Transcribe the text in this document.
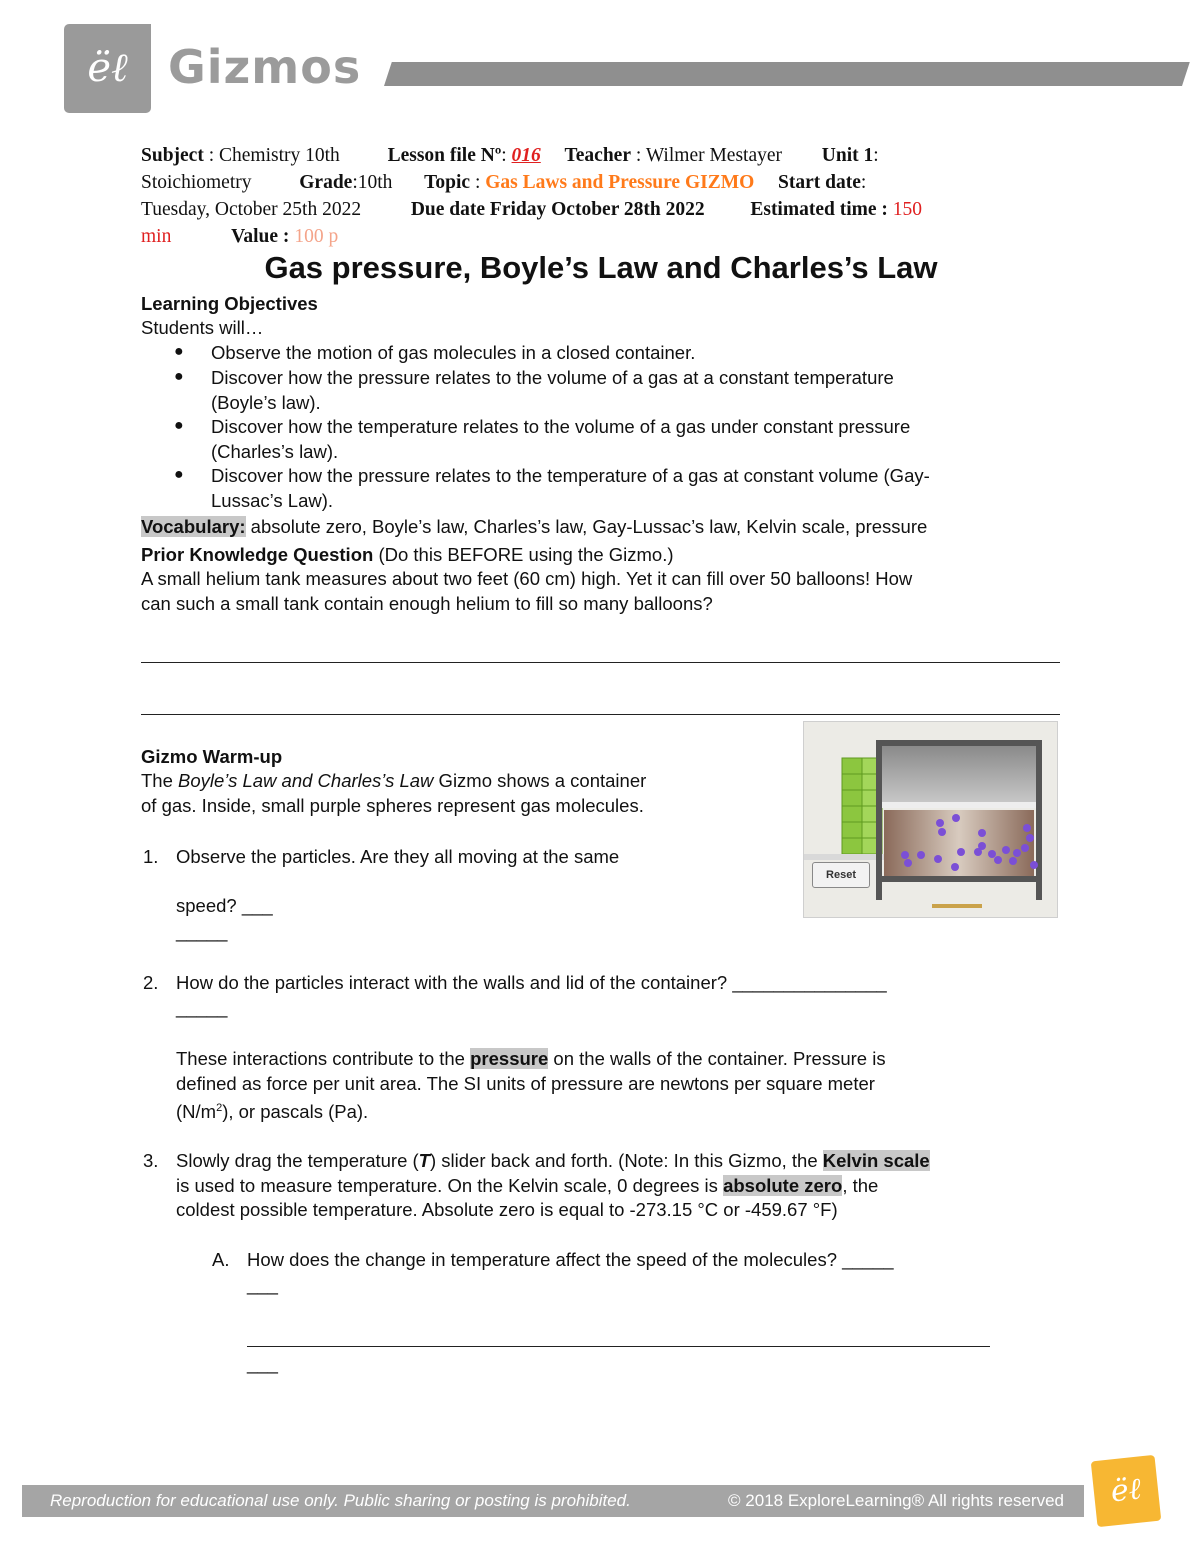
ëℓ Gizmos
Subject : Chemistry 10th Lesson file Nº: 016 Teacher : Wilmer Mestayer Unit 1:
Stoichiometry Grade:10th Topic : Gas Laws and Pressure GIZMO Start date:
Tuesday, October 25th 2022	Due date Friday October 28th 2022 Estimated time : 150
min	Value : 100 p
Gas pressure, Boyle’s Law and Charles’s Law
Learning Objectives
Students will…
● Observe the motion of gas molecules in a closed container.
● Discover how the pressure relates to the volume of a gas at a constant temperature
(Boyle’s law).
● Discover how the temperature relates to the volume of a gas under constant pressure
(Charles’s law).
● Discover how the pressure relates to the temperature of a gas at constant volume (Gay-
Lussac’s Law).
Vocabulary: absolute zero, Boyle’s law, Charles’s law, Gay-Lussac’s law, Kelvin scale, pressure
Prior Knowledge Question (Do this BEFORE using the Gizmo.)
A small helium tank measures about two feet (60 cm) high. Yet it can fill over 50 balloons! How
can such a small tank contain enough helium to fill so many balloons?
Gizmo Warm-up
The Boyle’s Law and Charles’s Law Gizmo shows a container
of gas. Inside, small purple spheres represent gas molecules.
Reset
1. Observe the particles. Are they all moving at the same
speed? ___
_____
2. How do the particles interact with the walls and lid of the container? _______________
_____
These interactions contribute to the pressure on the walls of the container. Pressure is
defined as force per unit area. The SI units of pressure are newtons per square meter
$(N/m^2)$, or pascals (Pa).
3. Slowly drag the temperature (T) slider back and forth. (Note: In this Gizmo, the Kelvin scale
is used to measure temperature. On the Kelvin scale, 0 degrees is absolute zero, the
coldest possible temperature. Absolute zero is equal to -273.15 °C or -459.67 °F)
A. How does the change in temperature affect the speed of the molecules? _____
___
___
Reproduction for educational use only. Public sharing or posting is prohibited.	© 2018 ExploreLearning® All rights reserved	ëℓ
